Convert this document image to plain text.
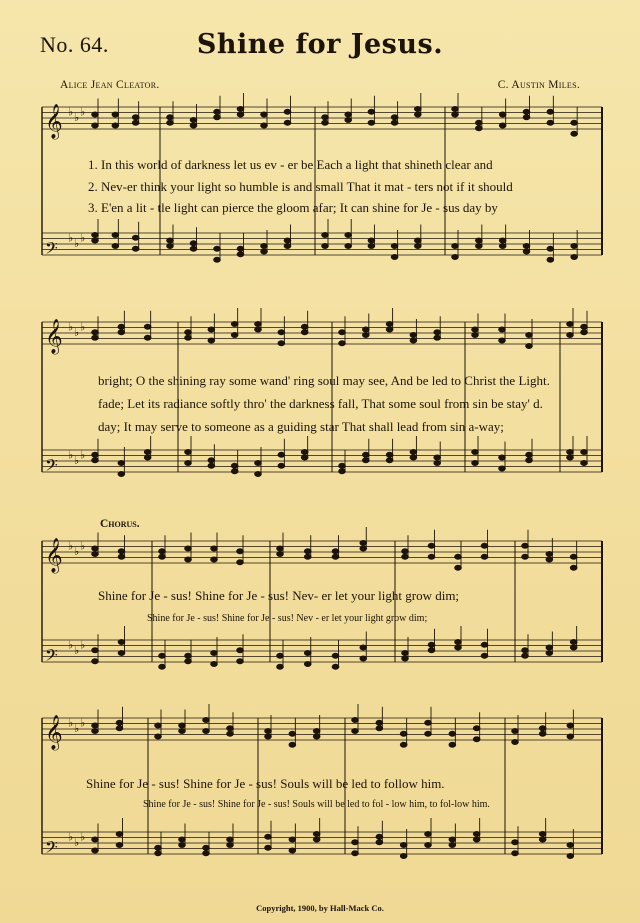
No. 64.	Shine for Jesus.
Alice Jean Cleator.	C. Austin Miles.
𝄞 ♭ ♭ ♭
𝄢 ♭ ♭ ♭
𝄞 ♭ ♭ ♭
𝄢 ♭ ♭ ♭
𝄞 ♭ ♭ ♭
𝄢 ♭ ♭ ♭
𝄞 ♭ ♭ ♭
𝄢 ♭ ♭ ♭
1. In this world of darkness let us ev - er be Each a light that shineth clear and
2. Nev-er think your light so humble is and small That it mat - ters not if it should
3. E'en a lit - tle light can pierce the gloom afar; It can shine for Je - sus day by
bright; O the shining ray some wand' ring soul may see, And be led to Christ the Light.
fade; Let its radiance softly thro' the darkness fall, That some soul from sin be stay' d.
day; It may serve to someone as a guiding star That shall lead from sin a-way;
Chorus.
Shine for Je - sus! Shine for Je - sus! Nev- er let your light grow dim;
Shine for Je - sus! Shine for Je - sus! Nev - er let your light grow dim;
Shine for Je - sus! Shine for Je - sus! Souls will be led to follow him.
Shine for Je - sus! Shine for Je - sus! Souls will be led to fol - low him, to fol-low him.
Copyright, 1900, by Hall-Mack Co.
